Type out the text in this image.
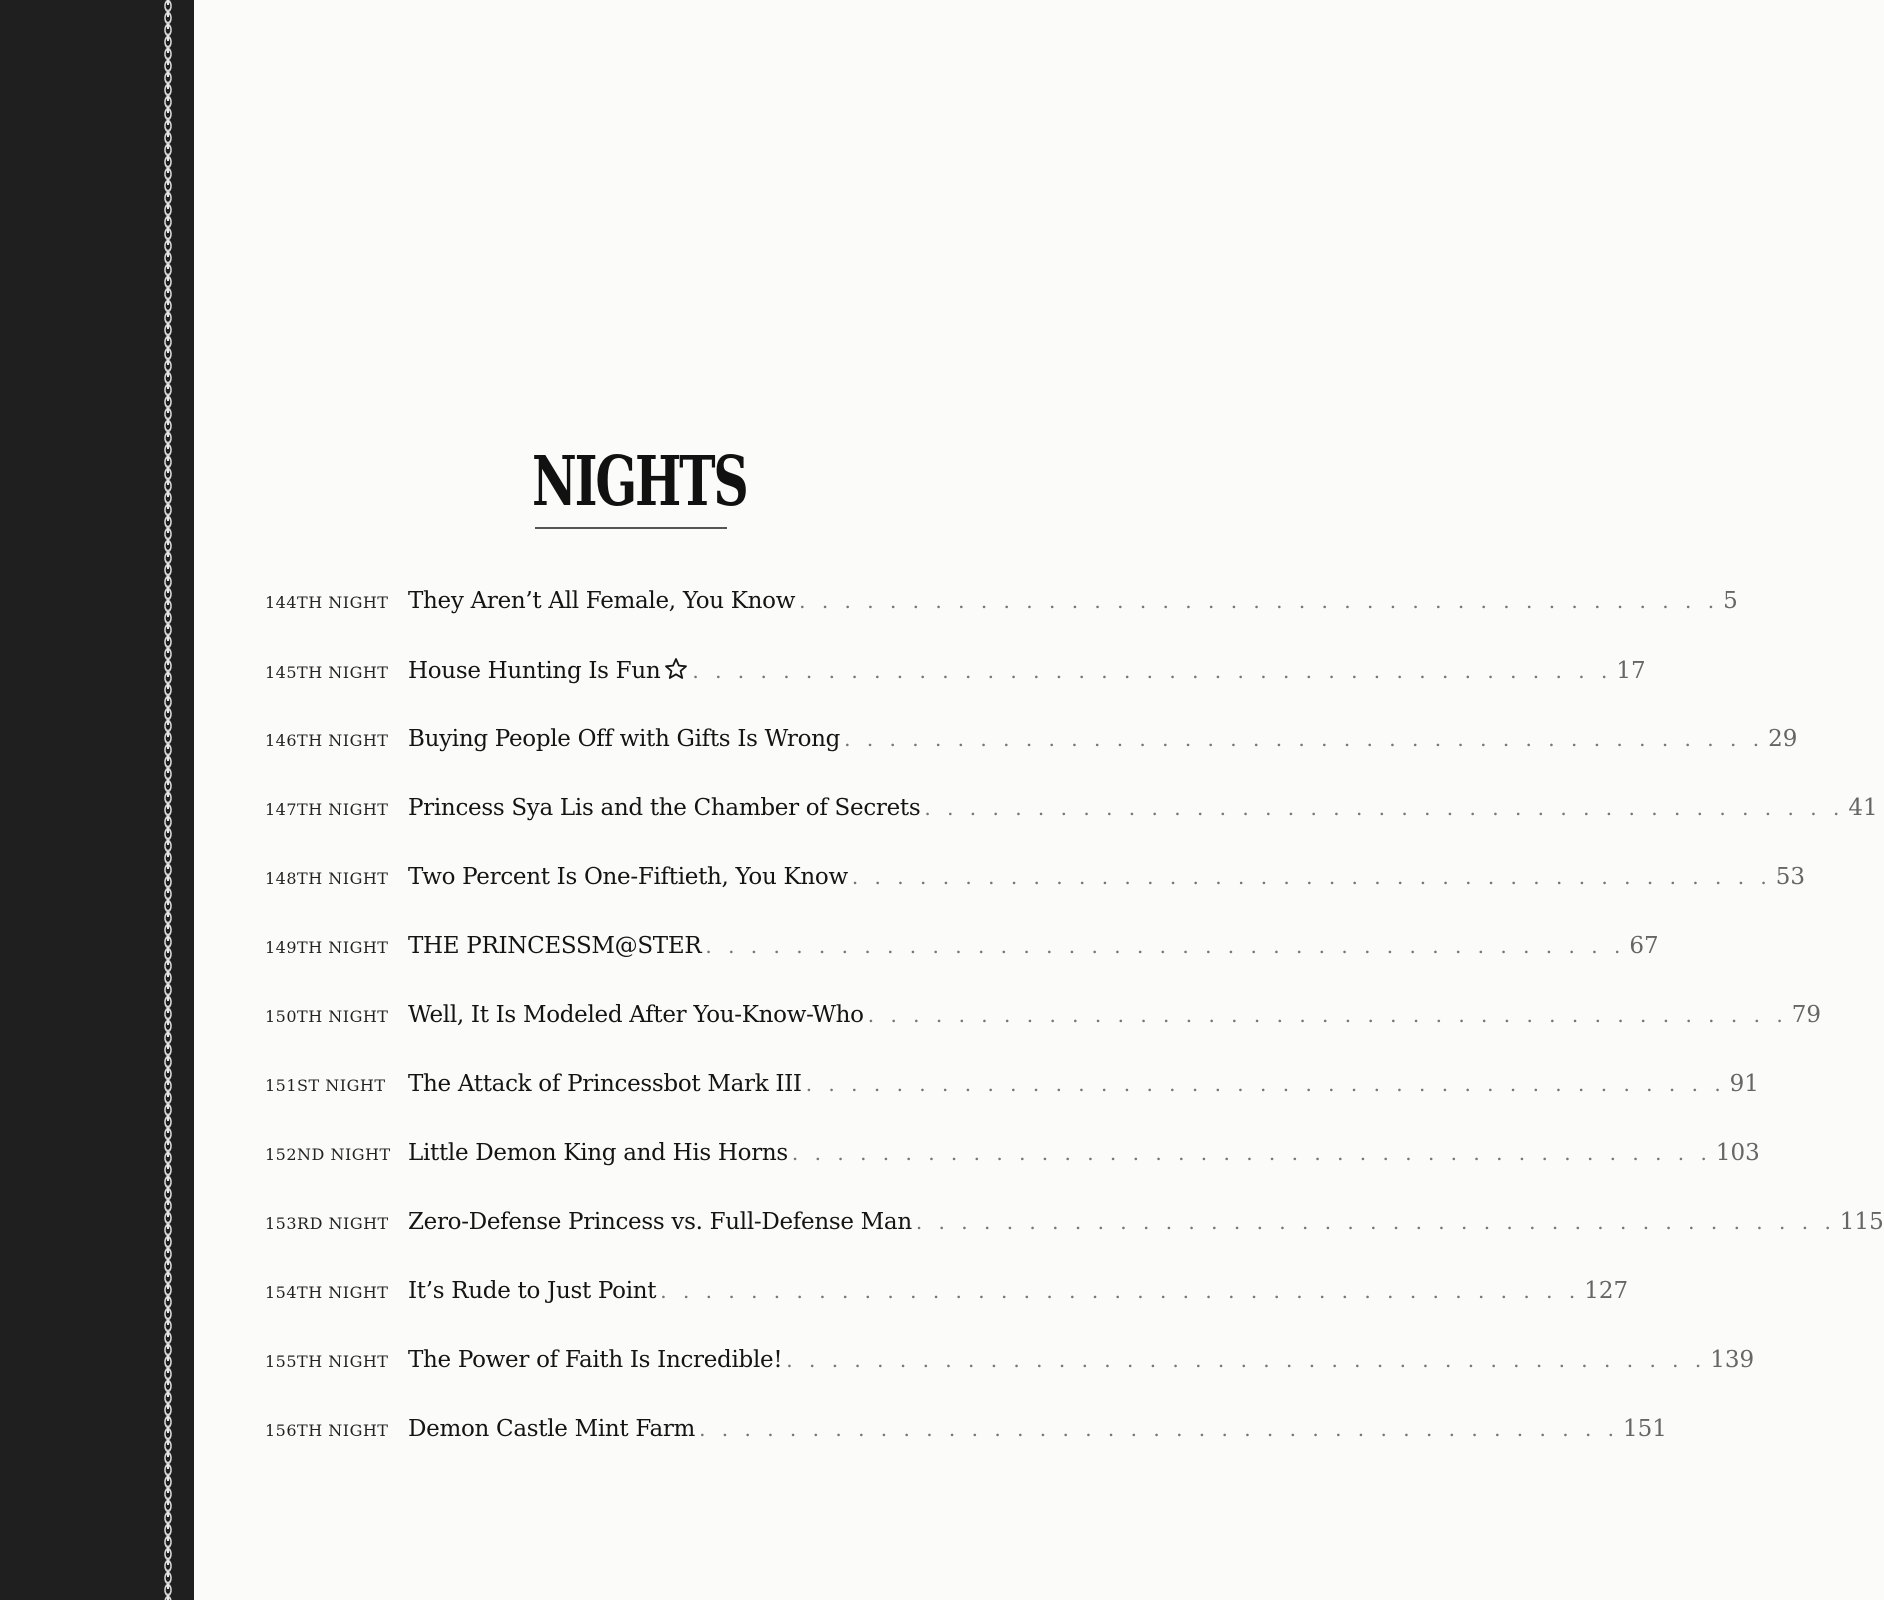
NIGHTS
144TH NIGHT They Aren’t All Female, You Know . . . . . . . . . . . . . . . . . . . . . . . . . . . . . . . . . . . . . . . . . 5
145TH NIGHT House Hunting Is Fun	. . . . . . . . . . . . . . . . . . . . . . . . . . . . . . . . . . . . . . . . . 17
146TH NIGHT Buying People Off with Gifts Is Wrong . . . . . . . . . . . . . . . . . . . . . . . . . . . . . . . . . . . . . . . . . 29
147TH NIGHT Princess Sya Lis and the Chamber of Secrets . . . . . . . . . . . . . . . . . . . . . . . . . . . . . . . . . . . . . . . . . 41
148TH NIGHT Two Percent Is One-Fiftieth, You Know . . . . . . . . . . . . . . . . . . . . . . . . . . . . . . . . . . . . . . . . . 53
149TH NIGHT THE PRINCESSM@STER . . . . . . . . . . . . . . . . . . . . . . . . . . . . . . . . . . . . . . . . . 67
150TH NIGHT Well, It Is Modeled After You-Know-Who . . . . . . . . . . . . . . . . . . . . . . . . . . . . . . . . . . . . . . . . . 79
151ST NIGHT The Attack of Princessbot Mark III . . . . . . . . . . . . . . . . . . . . . . . . . . . . . . . . . . . . . . . . . 91
152ND NIGHT Little Demon King and His Horns . . . . . . . . . . . . . . . . . . . . . . . . . . . . . . . . . . . . . . . . . 103
153RD NIGHT Zero-Defense Princess vs. Full-Defense Man . . . . . . . . . . . . . . . . . . . . . . . . . . . . . . . . . . . . . . . . . 115
154TH NIGHT It’s Rude to Just Point . . . . . . . . . . . . . . . . . . . . . . . . . . . . . . . . . . . . . . . . . 127
155TH NIGHT The Power of Faith Is Incredible! . . . . . . . . . . . . . . . . . . . . . . . . . . . . . . . . . . . . . . . . . 139
156TH NIGHT Demon Castle Mint Farm . . . . . . . . . . . . . . . . . . . . . . . . . . . . . . . . . . . . . . . . . 151
